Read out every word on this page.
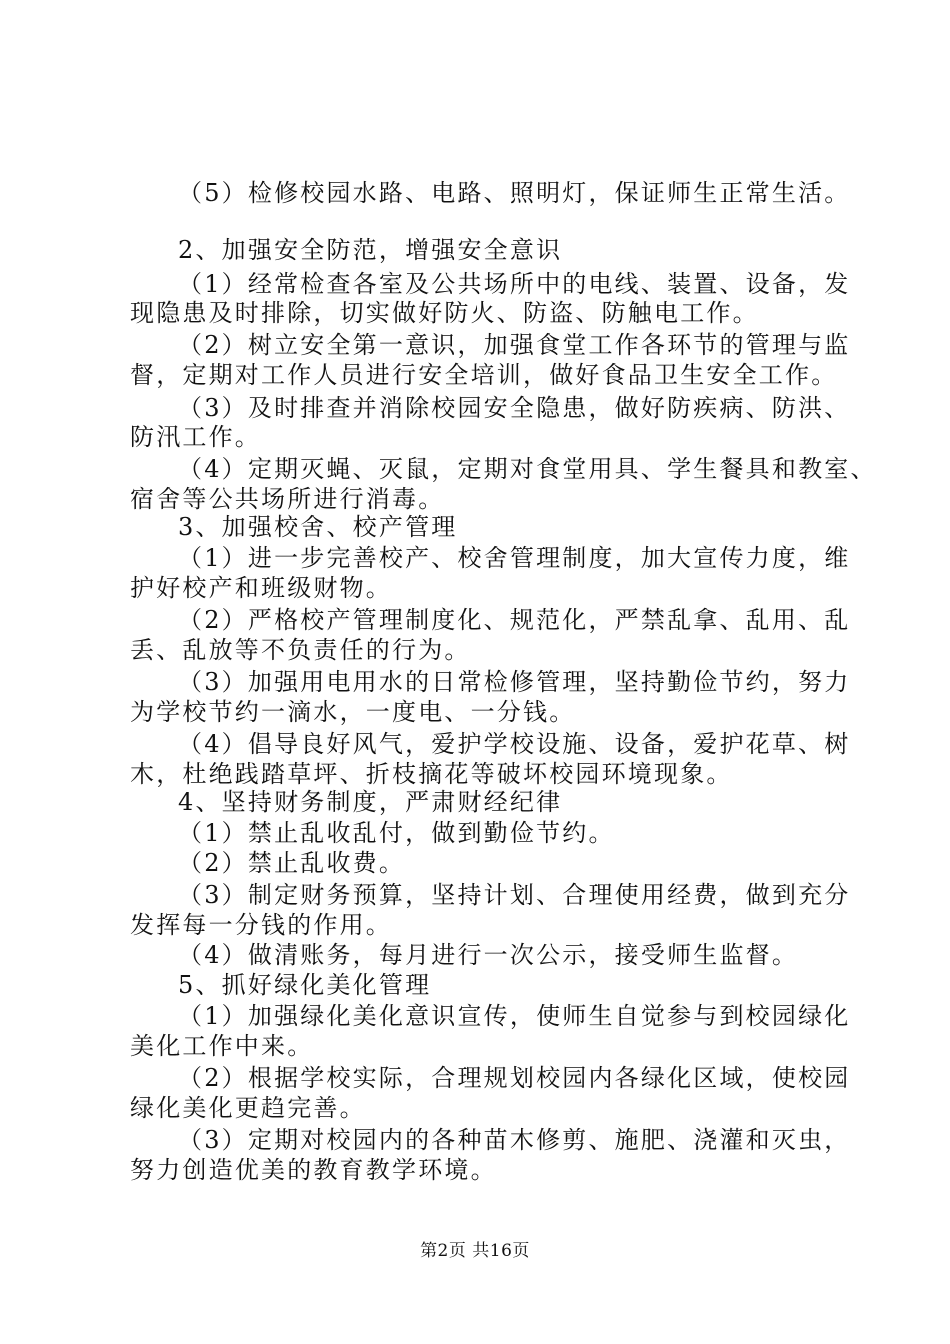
（5）检修校园水路、电路、照明灯，保证师生正常生活。
2、加强安全防范，增强安全意识
（1）经常检查各室及公共场所中的电线、装置、设备，发
现隐患及时排除，切实做好防火、防盗、防触电工作。
（2）树立安全第一意识，加强食堂工作各环节的管理与监
督，定期对工作人员进行安全培训，做好食品卫生安全工作。
（3）及时排查并消除校园安全隐患，做好防疾病、防洪、
防汛工作。
（4）定期灭蝇、灭鼠，定期对食堂用具、学生餐具和教室、
宿舍等公共场所进行消毒。
3、加强校舍、校产管理
（1）进一步完善校产、校舍管理制度，加大宣传力度，维
护好校产和班级财物。
（2）严格校产管理制度化、规范化，严禁乱拿、乱用、乱
丢、乱放等不负责任的行为。
（3）加强用电用水的日常检修管理，坚持勤俭节约，努力
为学校节约一滴水，一度电、一分钱。
（4）倡导良好风气，爱护学校设施、设备，爱护花草、树
木，杜绝践踏草坪、折枝摘花等破坏校园环境现象。
4、坚持财务制度，严肃财经纪律
（1）禁止乱收乱付，做到勤俭节约。
（2）禁止乱收费。
（3）制定财务预算，坚持计划、合理使用经费，做到充分
发挥每一分钱的作用。
（4）做清账务，每月进行一次公示，接受师生监督。
5、抓好绿化美化管理
（1）加强绿化美化意识宣传，使师生自觉参与到校园绿化
美化工作中来。
（2）根据学校实际，合理规划校园内各绿化区域，使校园
绿化美化更趋完善。
（3）定期对校园内的各种苗木修剪、施肥、浇灌和灭虫，
努力创造优美的教育教学环境。
第2页 共16页
